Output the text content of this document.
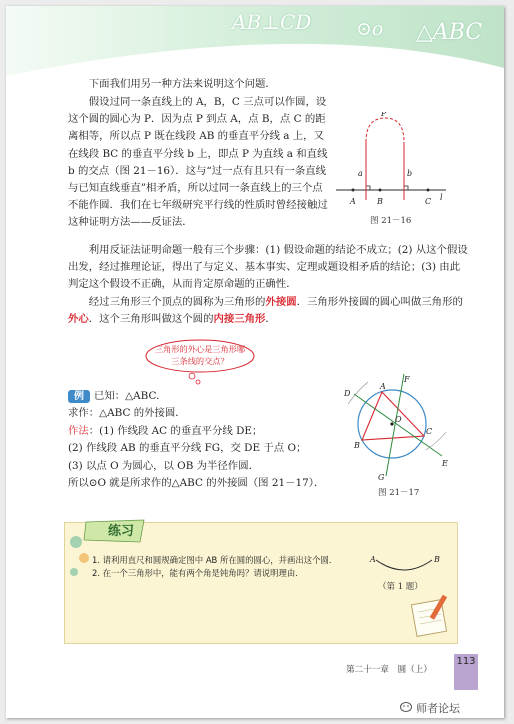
AB⊥CD ⊙o △ABC

下面我们用另一种方法来说明这个问题．

假设过同一条直线上的 A，B，C 三点可以作圆，设这个圆的圆心为 P．因为点 P 到点 A，点 B，点 C 的距离相等，所以点 P 既在线段 AB 的垂直平分线 a 上，又在线段 BC 的垂直平分线 b 上，即点 P 为直线 a 和直线 b 的交点（图 21－16）．这与“过一点有且只有一条直线与已知直线垂直”相矛盾，所以过同一条直线上的三个点不能作圆．我们在七年级研究平行线的性质时曾经接触过这种证明方法——反证法．

P
a	b
A	B	C l
图 21－16

利用反证法证明命题一般有三个步骤：(1) 假设命题的结论不成立；(2) 从这个假设出发，经过推理论证，得出了与定义、基本事实、定理或题设相矛盾的结论；(3) 由此判定这个假设不正确，从而肯定原命题的正确性．

经过三角形三个顶点的圆称为三角形的外接圆．三角形外接圆的圆心叫做三角形的外心．这个三角形叫做这个圆的内接三角形．

三角形的外心是三角形哪三条线的交点？

例 已知：△ABC.

求作：△ABC 的外接圆．

作法：(1) 作线段 AC 的垂直平分线 DE；

(2) 作线段 AB 的垂直平分线 FG，交 DE 于点 O；

(3) 以点 O 为圆心，以 OB 为半径作圆．

所以⊙O 就是所求作的△ABC 的外接圆（图 21－17）．

A
B
C
D
E
F
G
O
图 21－17
练习

1. 请利用直尺和圆规确定图中 AB 所在圆的圆心，并画出这个圆．

2. 在一个三角形中，能有两个角是钝角吗？请说明理由．

A	B
（第 1 题）
第二十一章　圆（上）
113
师者论坛
